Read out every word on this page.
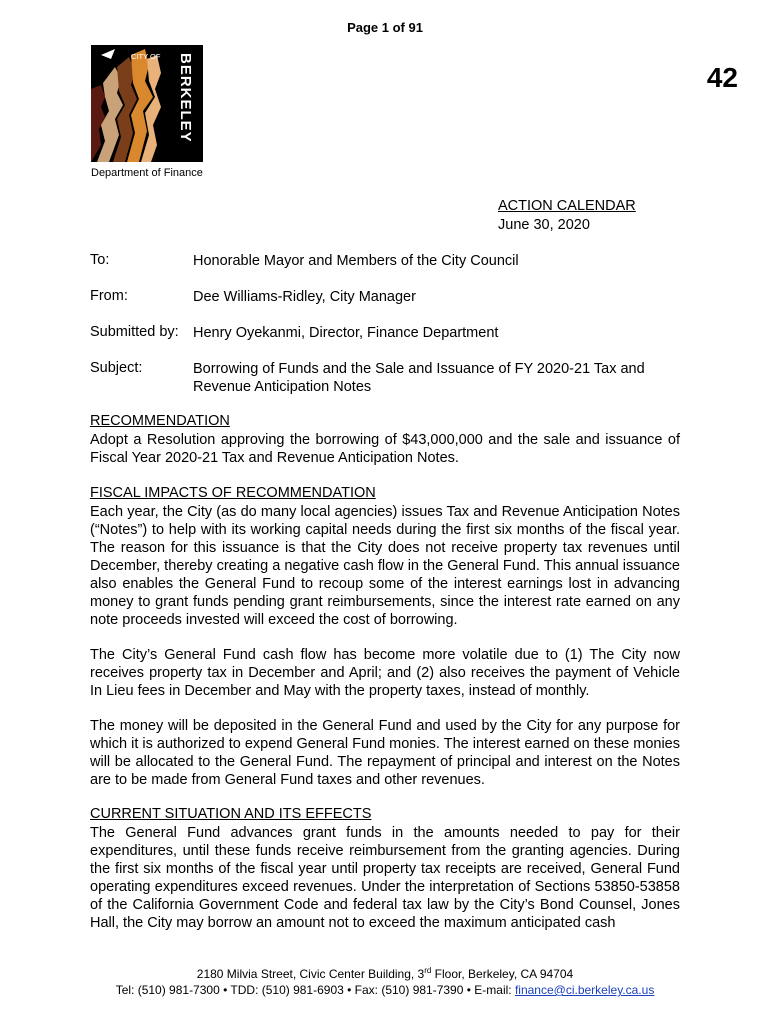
Page 1 of 91
CITY OF BERKELEY
Department of Finance
42
ACTION CALENDAR
June 30, 2020
To:	Honorable Mayor and Members of the City Council
From:	Dee Williams-Ridley, City Manager
Submitted by: Henry Oyekanmi, Director, Finance Department
Subject:	Borrowing of Funds and the Sale and Issuance of FY 2020-21 Tax and Revenue Anticipation Notes
RECOMMENDATION
Adopt a Resolution approving the borrowing of $43,000,000 and the sale and issuance of Fiscal Year 2020-21 Tax and Revenue Anticipation Notes.
FISCAL IMPACTS OF RECOMMENDATION
Each year, the City (as do many local agencies) issues Tax and Revenue Anticipation Notes (“Notes”) to help with its working capital needs during the first six months of the fiscal year. The reason for this issuance is that the City does not receive property tax revenues until December, thereby creating a negative cash flow in the General Fund. This annual issuance also enables the General Fund to recoup some of the interest earnings lost in advancing money to grant funds pending grant reimbursements, since the interest rate earned on any note proceeds invested will exceed the cost of borrowing.
The City’s General Fund cash flow has become more volatile due to (1) The City now receives property tax in December and April; and (2) also receives the payment of Vehicle In Lieu fees in December and May with the property taxes, instead of monthly.
The money will be deposited in the General Fund and used by the City for any purpose for which it is authorized to expend General Fund monies. The interest earned on these monies will be allocated to the General Fund. The repayment of principal and interest on the Notes are to be made from General Fund taxes and other revenues.
CURRENT SITUATION AND ITS EFFECTS
The General Fund advances grant funds in the amounts needed to pay for their expenditures, until these funds receive reimbursement from the granting agencies. During the first six months of the fiscal year until property tax receipts are received, General Fund operating expenditures exceed revenues. Under the interpretation of Sections 53850-53858 of the California Government Code and federal tax law by the City’s Bond Counsel, Jones Hall, the City may borrow an amount not to exceed the maximum anticipated cash
2180 Milvia Street, Civic Center Building, 3rd Floor, Berkeley, CA 94704
Tel: (510) 981-7300 • TDD: (510) 981-6903 • Fax: (510) 981-7390 • E-mail: finance@ci.berkeley.ca.us
